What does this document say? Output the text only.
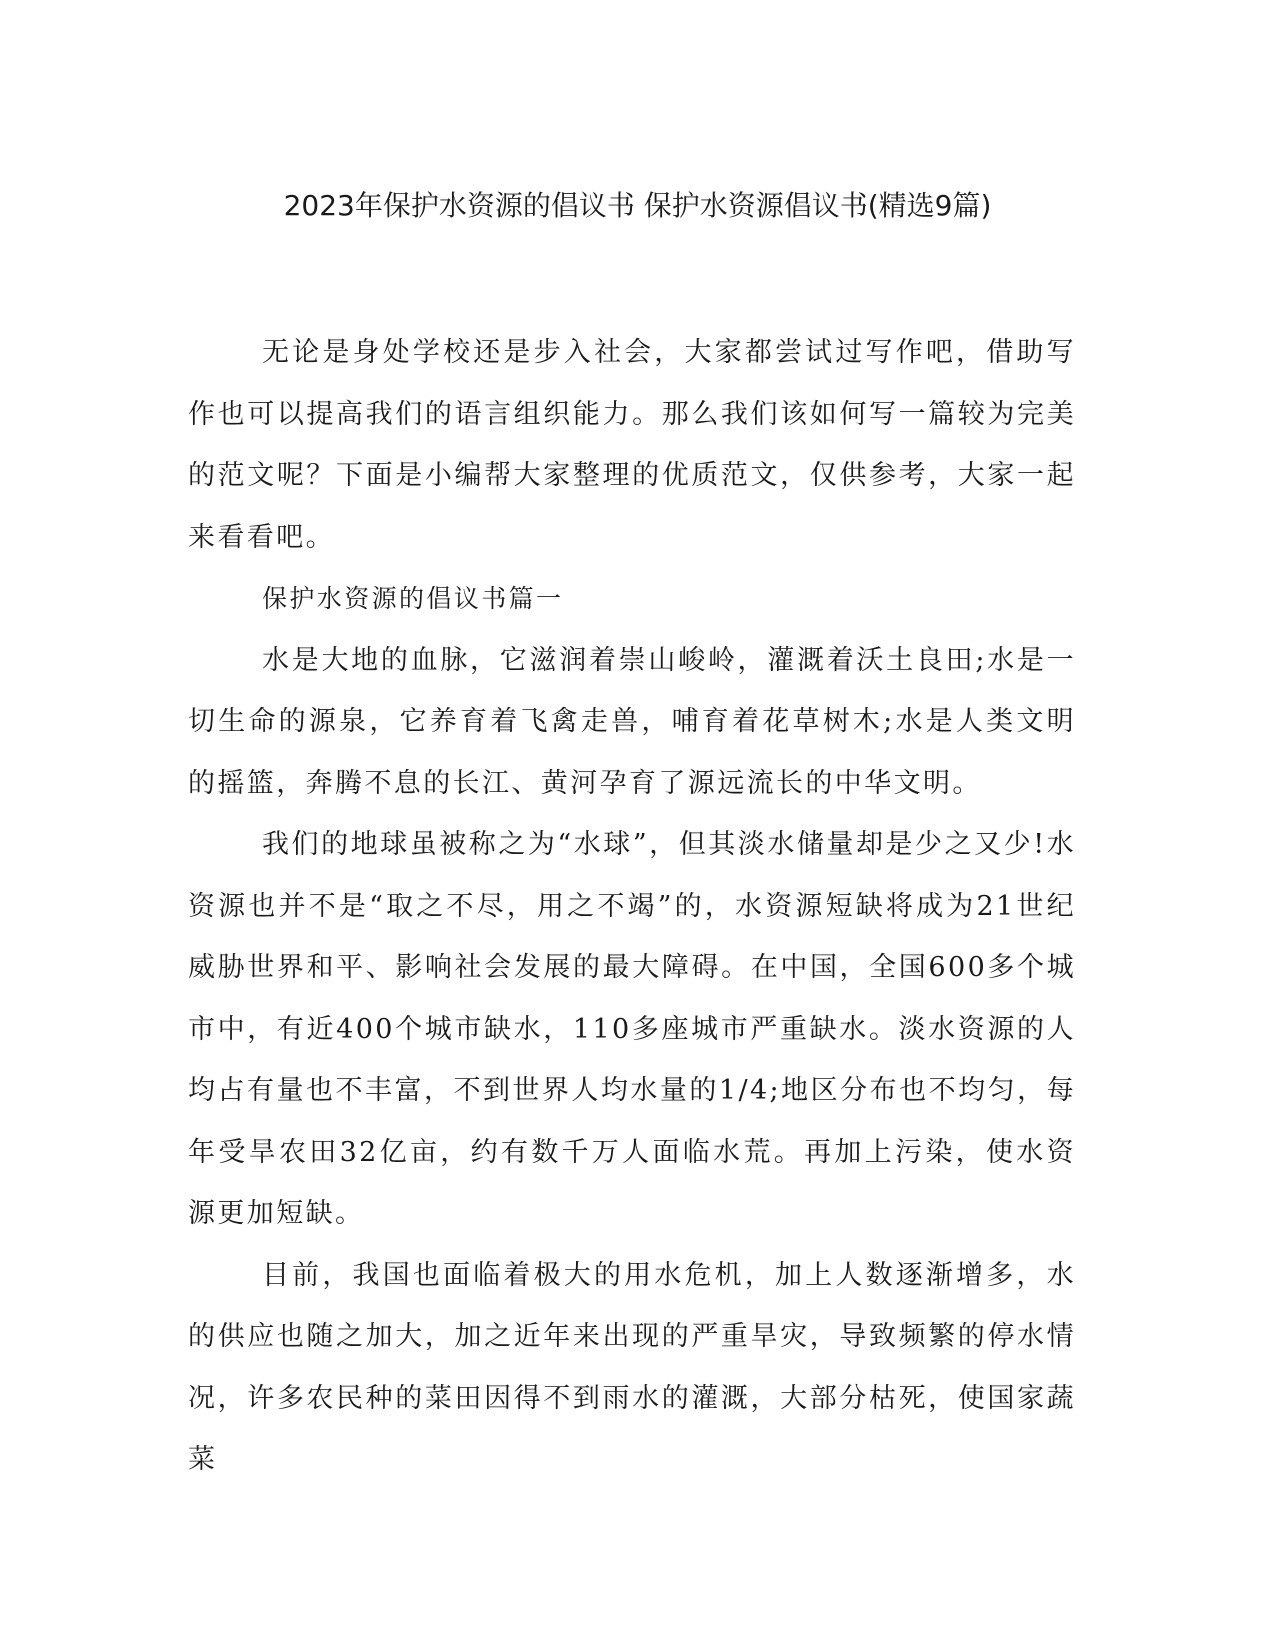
2023年保护水资源的倡议书 保护水资源倡议书(精选9篇)

无论是身处学校还是步入社会，大家都尝试过写作吧，借助写作也可以提高我们的语言组织能力。那么我们该如何写一篇较为完美的范文呢？下面是小编帮大家整理的优质范文，仅供参考，大家一起来看看吧。

保护水资源的倡议书篇一

水是大地的血脉，它滋润着崇山峻岭，灌溉着沃土良田;水是一切生命的源泉，它养育着飞禽走兽，哺育着花草树木;水是人类文明的摇篮，奔腾不息的长江、黄河孕育了源远流长的中华文明。

我们的地球虽被称之为“水球”，但其淡水储量却是少之又少!水资源也并不是“取之不尽，用之不竭”的，水资源短缺将成为21世纪威胁世界和平、影响社会发展的最大障碍。在中国，全国600多个城市中，有近400个城市缺水，110多座城市严重缺水。淡水资源的人均占有量也不丰富，不到世界人均水量的1/4;地区分布也不均匀，每年受旱农田32亿亩，约有数千万人面临水荒。再加上污染，使水资源更加短缺。

目前，我国也面临着极大的用水危机，加上人数逐渐增多，水的供应也随之加大，加之近年来出现的严重旱灾，导致频繁的停水情况，许多农民种的菜田因得不到雨水的灌溉，大部分枯死，使国家蔬菜
